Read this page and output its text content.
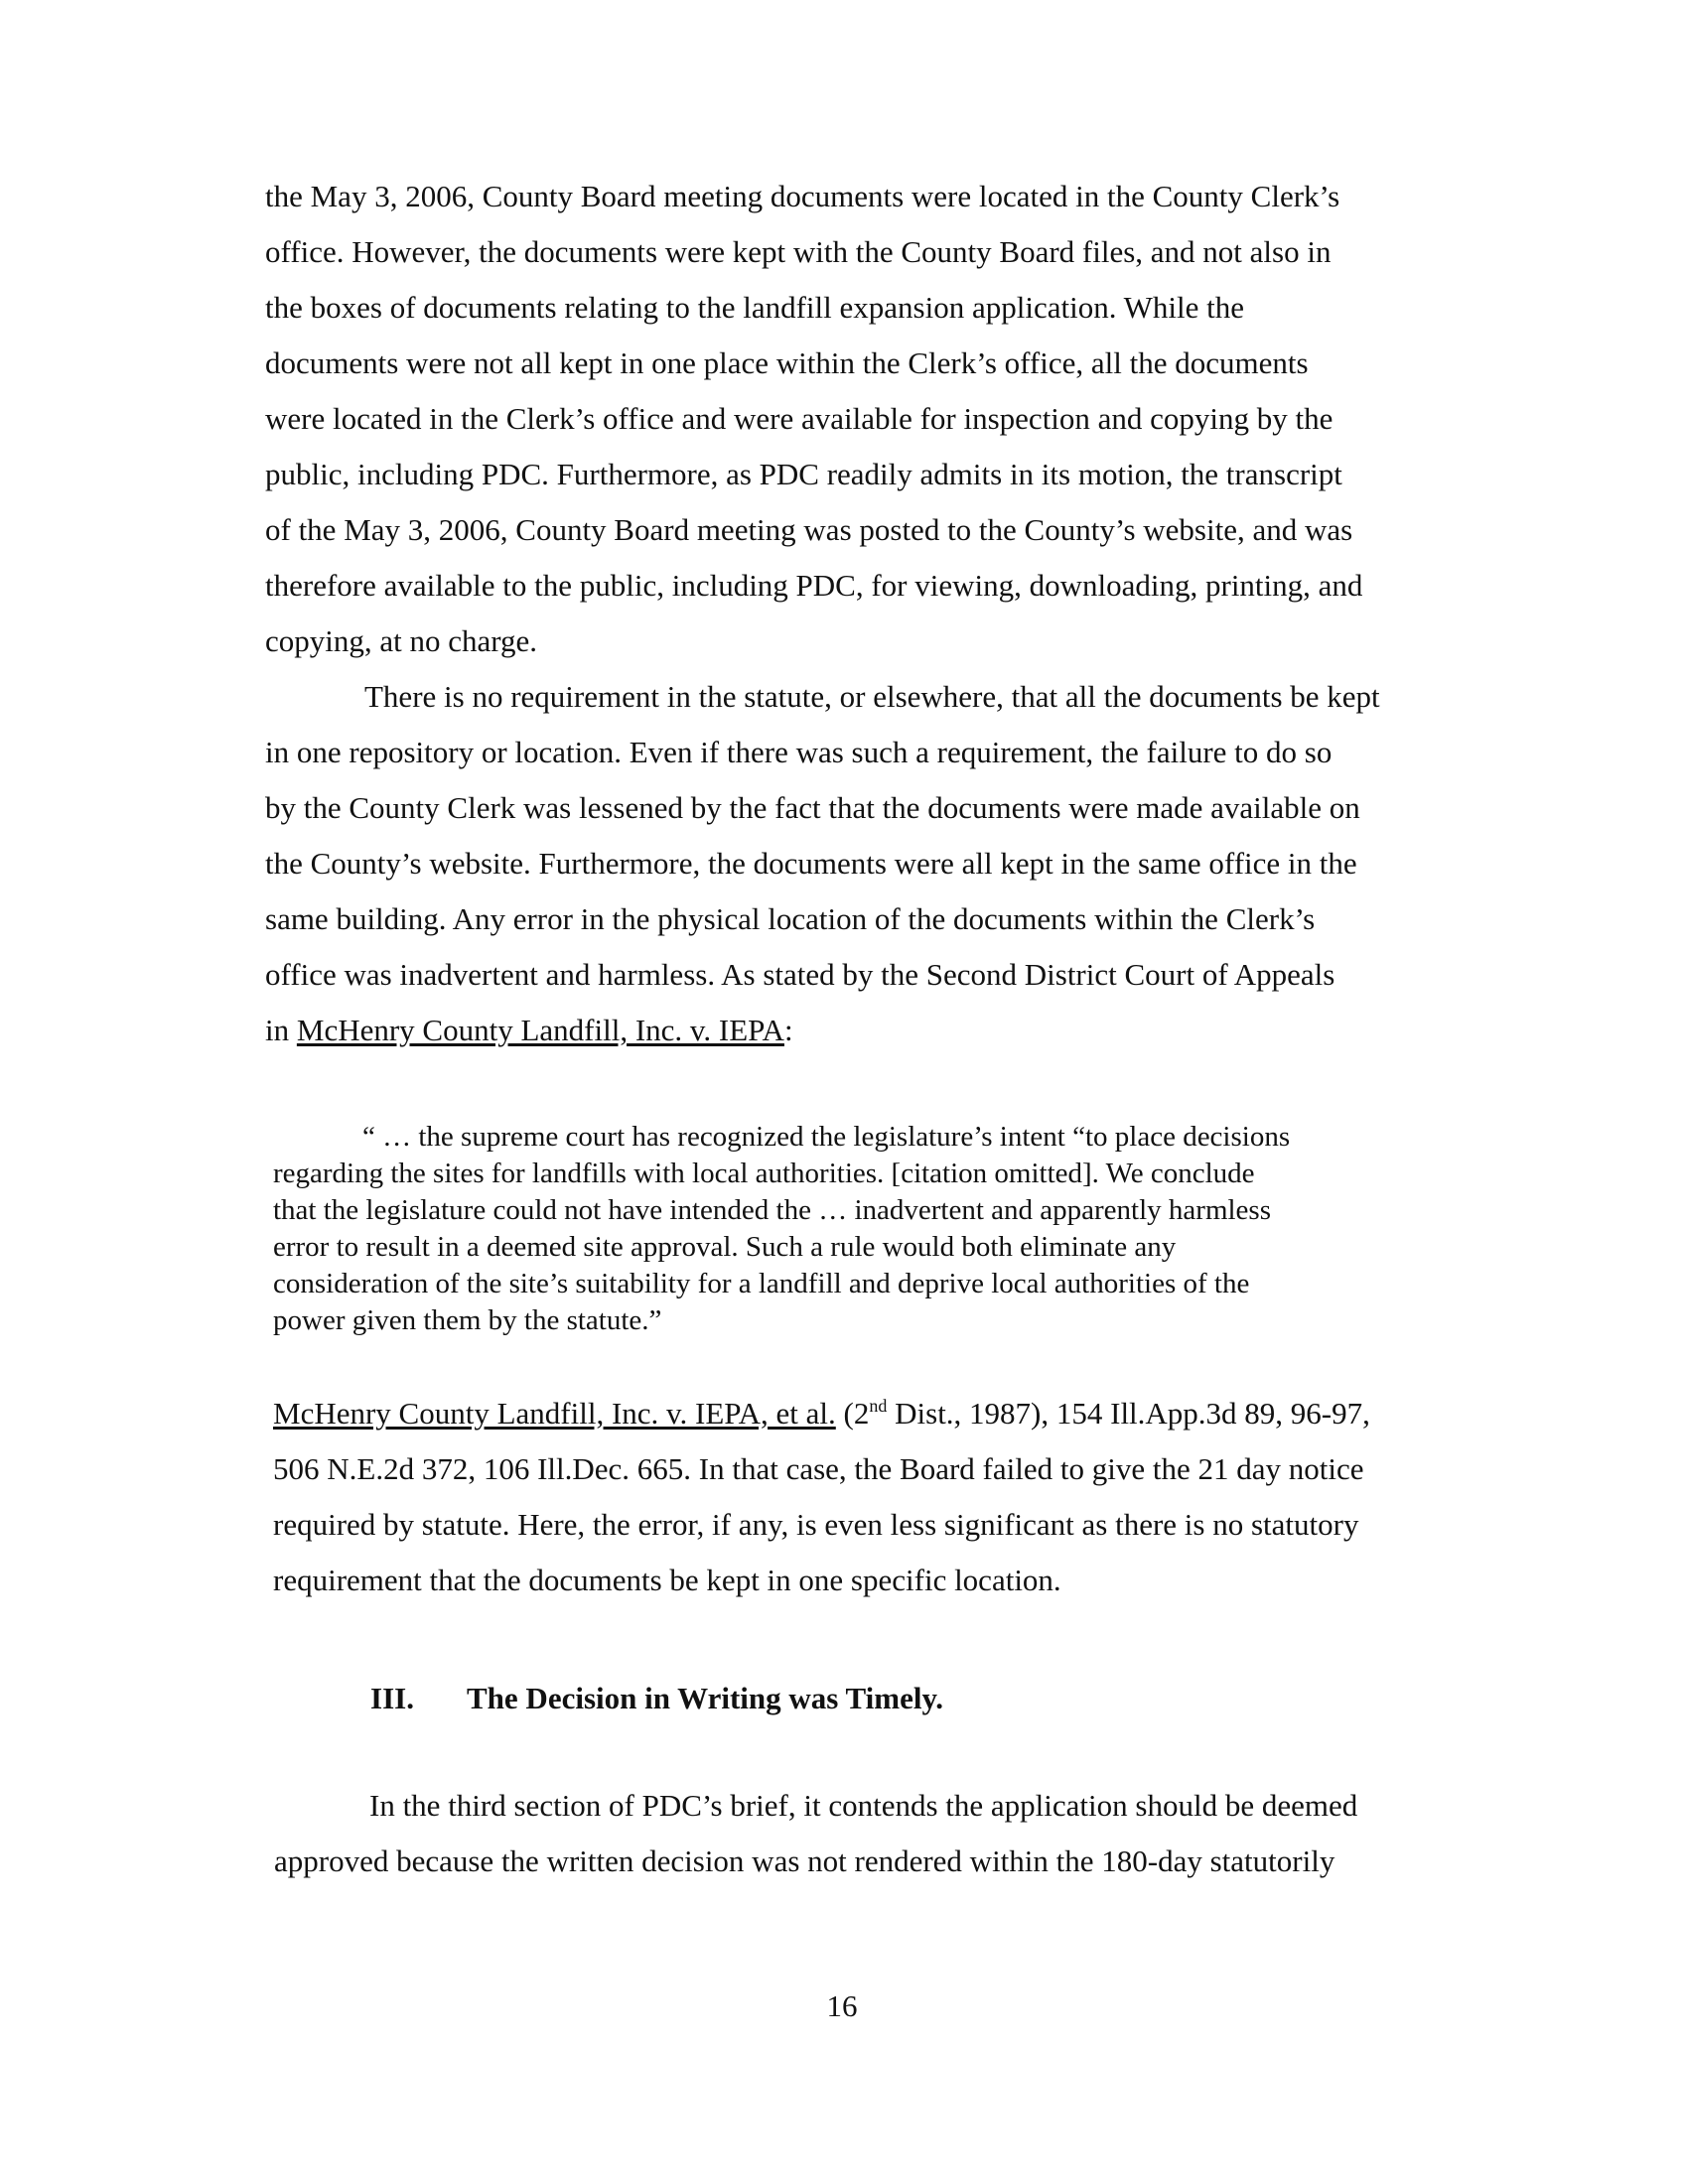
the May 3, 2006, County Board meeting documents were located in the County Clerk’s
office. However, the documents were kept with the County Board files, and not also in
the boxes of documents relating to the landfill expansion application. While the
documents were not all kept in one place within the Clerk’s office, all the documents
were located in the Clerk’s office and were available for inspection and copying by the
public, including PDC. Furthermore, as PDC readily admits in its motion, the transcript
of the May 3, 2006, County Board meeting was posted to the County’s website, and was
therefore available to the public, including PDC, for viewing, downloading, printing, and
copying, at no charge.
There is no requirement in the statute, or elsewhere, that all the documents be kept
in one repository or location. Even if there was such a requirement, the failure to do so
by the County Clerk was lessened by the fact that the documents were made available on
the County’s website. Furthermore, the documents were all kept in the same office in the
same building. Any error in the physical location of the documents within the Clerk’s
office was inadvertent and harmless. As stated by the Second District Court of Appeals
in McHenry County Landfill, Inc. v. IEPA:
“ … the supreme court has recognized the legislature’s intent “to place decisions
regarding the sites for landfills with local authorities. [citation omitted]. We conclude
that the legislature could not have intended the … inadvertent and apparently harmless
error to result in a deemed site approval. Such a rule would both eliminate any
consideration of the site’s suitability for a landfill and deprive local authorities of the
power given them by the statute.”
McHenry County Landfill, Inc. v. IEPA, et al. (2nd Dist., 1987), 154 Ill.App.3d 89, 96-97,
506 N.E.2d 372, 106 Ill.Dec. 665. In that case, the Board failed to give the 21 day notice
required by statute. Here, the error, if any, is even less significant as there is no statutory
requirement that the documents be kept in one specific location.
III. The Decision in Writing was Timely.
In the third section of PDC’s brief, it contends the application should be deemed
approved because the written decision was not rendered within the 180-day statutorily
16
